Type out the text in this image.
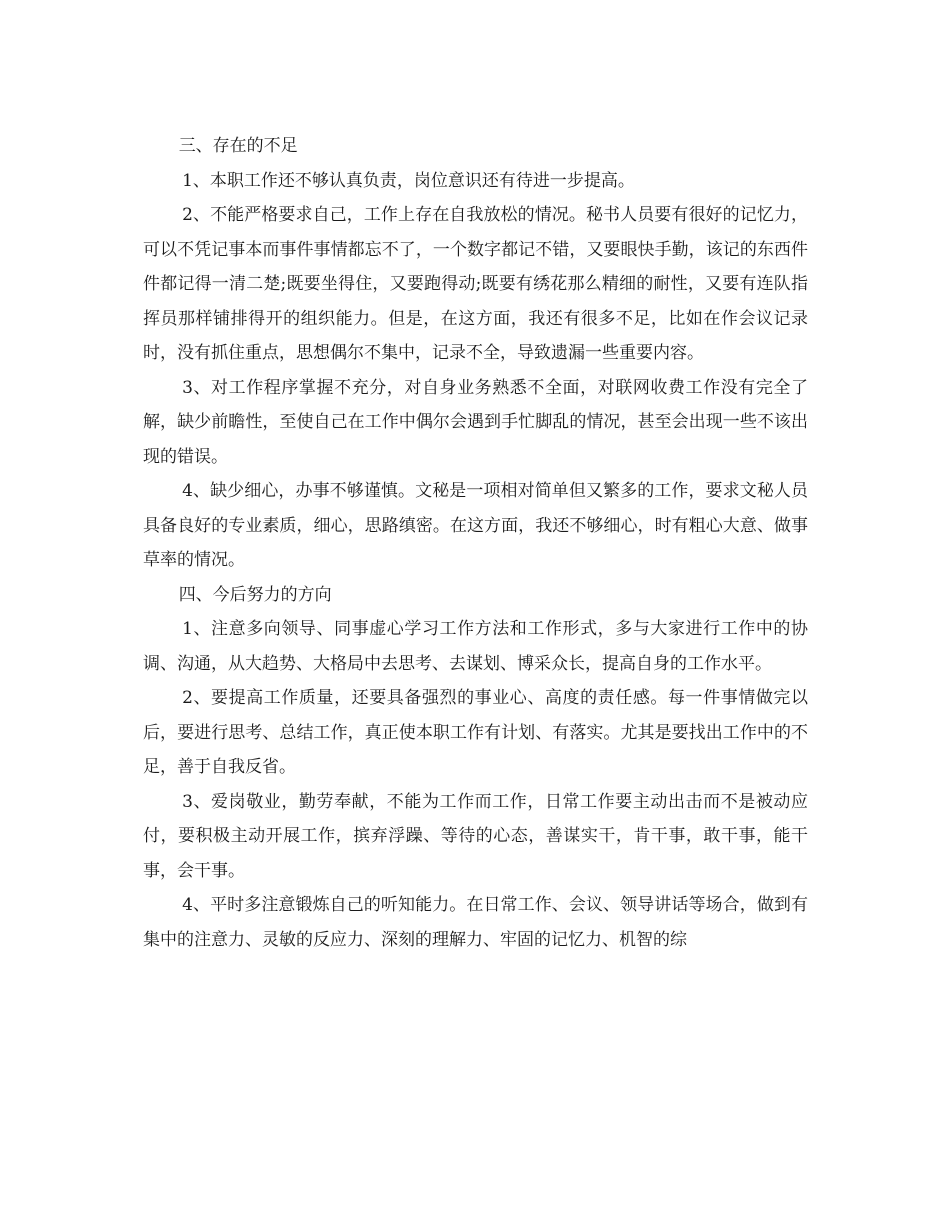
三、存在的不足

1、本职工作还不够认真负责，岗位意识还有待进一步提高。

2、不能严格要求自己，工作上存在自我放松的情况。秘书人员要有很好的记忆力，可以不凭记事本而事件事情都忘不了，一个数字都记不错，又要眼快手勤，该记的东西件件都记得一清二楚;既要坐得住，又要跑得动;既要有绣花那么精细的耐性，又要有连队指挥员那样铺排得开的组织能力。但是，在这方面，我还有很多不足，比如在作会议记录时，没有抓住重点，思想偶尔不集中，记录不全，导致遗漏一些重要内容。

3、对工作程序掌握不充分，对自身业务熟悉不全面，对联网收费工作没有完全了解，缺少前瞻性，至使自己在工作中偶尔会遇到手忙脚乱的情况，甚至会出现一些不该出现的错误。

4、缺少细心，办事不够谨慎。文秘是一项相对简单但又繁多的工作，要求文秘人员具备良好的专业素质，细心，思路缜密。在这方面，我还不够细心，时有粗心大意、做事草率的情况。

四、今后努力的方向

1、注意多向领导、同事虚心学习工作方法和工作形式，多与大家进行工作中的协调、沟通，从大趋势、大格局中去思考、去谋划、博采众长，提高自身的工作水平。

2、要提高工作质量，还要具备强烈的事业心、高度的责任感。每一件事情做完以后，要进行思考、总结工作，真正使本职工作有计划、有落实。尤其是要找出工作中的不足，善于自我反省。

3、爱岗敬业，勤劳奉献，不能为工作而工作，日常工作要主动出击而不是被动应付，要积极主动开展工作，摈弃浮躁、等待的心态，善谋实干，肯干事，敢干事，能干事，会干事。

4、平时多注意锻炼自己的听知能力。在日常工作、会议、领导讲话等场合，做到有集中的注意力、灵敏的反应力、深刻的理解力、牢固的记忆力、机智的综
